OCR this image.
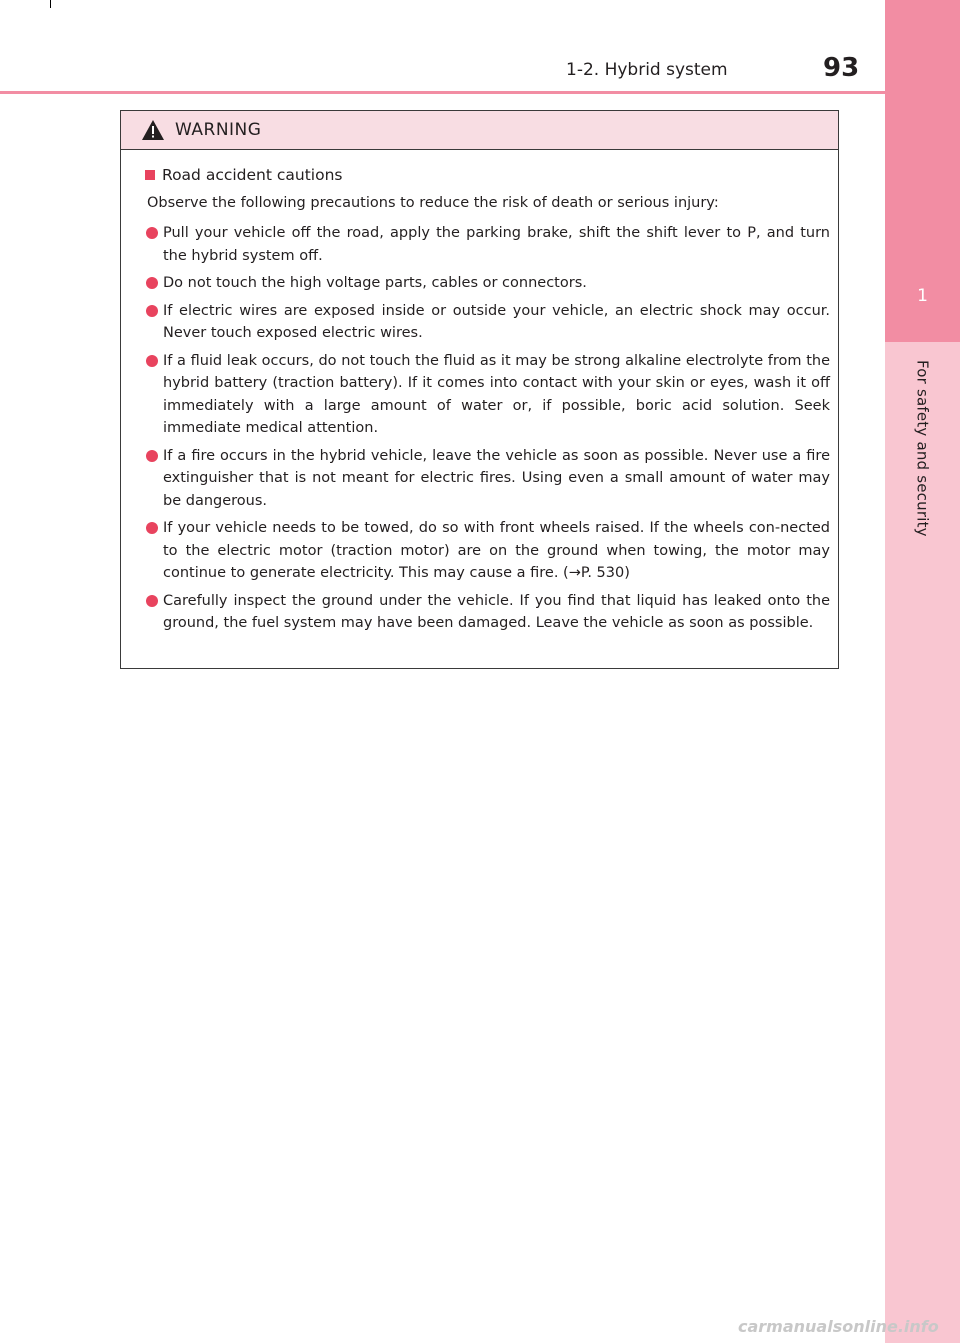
1
For safety and security
1-2. Hybrid system	93
WARNING
Road accident cautions

Observe the following precautions to reduce the risk of death or serious injury:

Pull your vehicle off the road, apply the parking brake, shift the shift lever to P, and turn the hybrid system off.
Do not touch the high voltage parts, cables or connectors.
If electric wires are exposed inside or outside your vehicle, an electric shock may occur. Never touch exposed electric wires.
If a fluid leak occurs, do not touch the fluid as it may be strong alkaline electrolyte from the hybrid battery (traction battery). If it comes into contact with your skin or eyes, wash it off immediately with a large amount of water or, if possible, boric acid solution. Seek immediate medical attention.
If a fire occurs in the hybrid vehicle, leave the vehicle as soon as possible. Never use a fire extinguisher that is not meant for electric fires. Using even a small amount of water may be dangerous.
If your vehicle needs to be towed, do so with front wheels raised. If the wheels con-nected to the electric motor (traction motor) are on the ground when towing, the motor may continue to generate electricity. This may cause a fire. (→P. 530)
Carefully inspect the ground under the vehicle. If you find that liquid has leaked onto the ground, the fuel system may have been damaged. Leave the vehicle as soon as possible.
carmanualsonline.info
